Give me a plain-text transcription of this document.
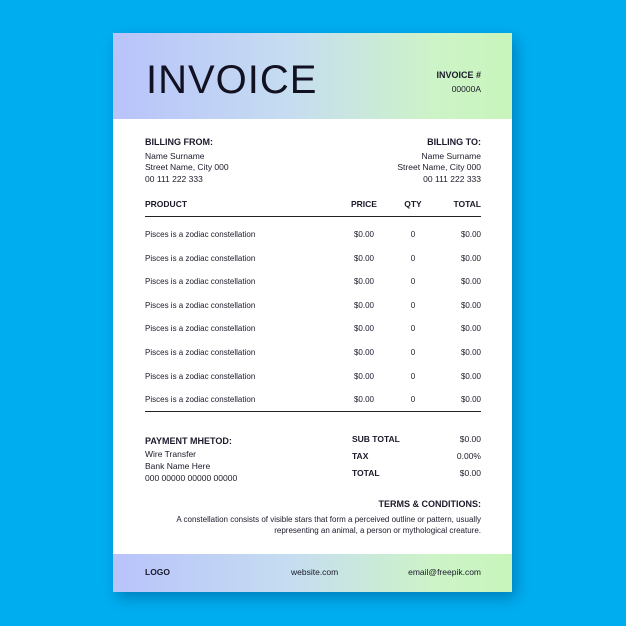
INVOICE	INVOICE #
00000A
BILLING FROM:
Name Surname
Street Name, City 000
00 111 222 333
BILLING TO:
Name Surname
Street Name, City 000
00 111 222 333
PRODUCT	PRICE	QTY	TOTAL
Pisces is a zodiac constellation	$0.00	0	$0.00
Pisces is a zodiac constellation	$0.00	0	$0.00
Pisces is a zodiac constellation	$0.00	0	$0.00
Pisces is a zodiac constellation	$0.00	0	$0.00
Pisces is a zodiac constellation	$0.00	0	$0.00
Pisces is a zodiac constellation	$0.00	0	$0.00
Pisces is a zodiac constellation	$0.00	0	$0.00
Pisces is a zodiac constellation	$0.00	0	$0.00
PAYMENT MHETOD:
Wire Transfer
Bank Name Here
000 00000 00000 00000
SUB TOTAL	$0.00
TAX	0.00%
TOTAL	$0.00
TERMS & CONDITIONS:
A constellation consists of visible stars that form a perceived outline or pattern, usually representing an animal, a person or mythological creature.
LOGO	website.com	email@freepik.com
